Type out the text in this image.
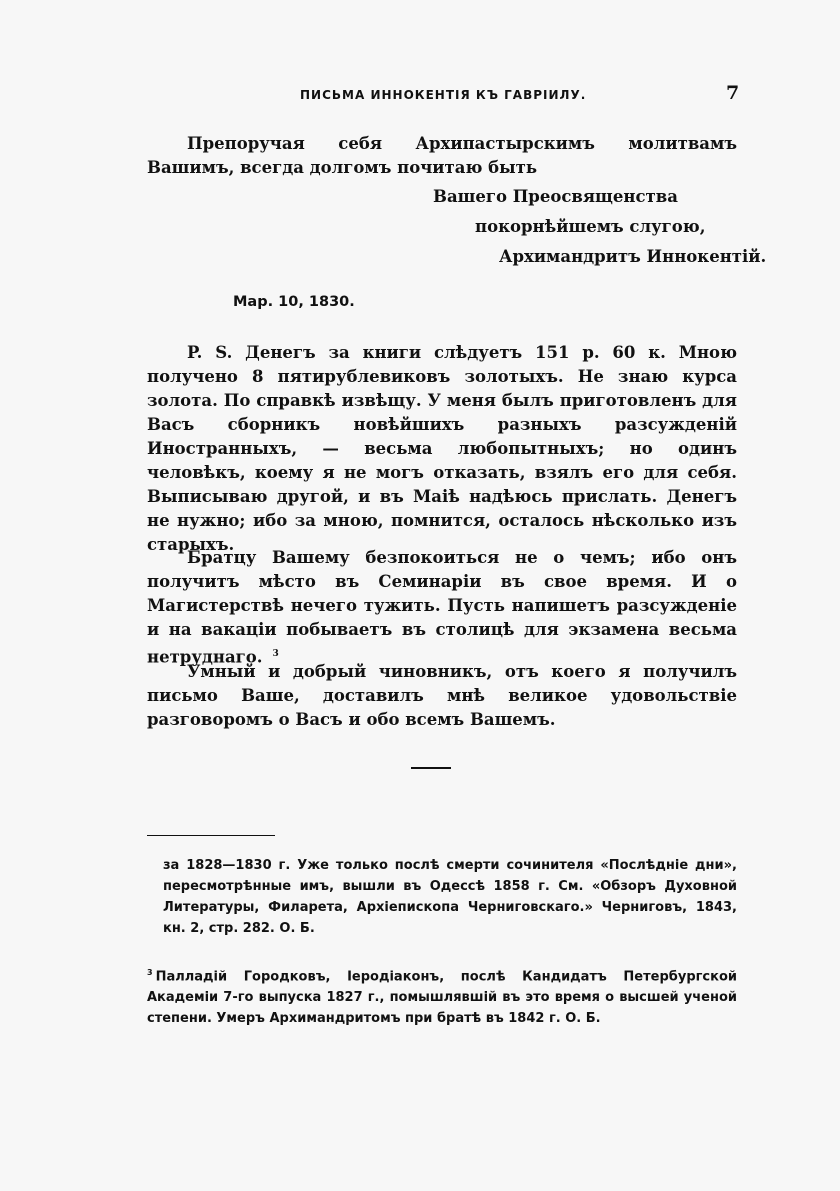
ПИСЬМА ИННОКЕНТІЯ КЪ ГАВРIИЛУ.	7
Препоручая себя Архипастырскимъ молитвамъ Вашимъ, всегда долгомъ почитаю быть
Вашего Преосвященства
покорнѣйшемъ слугою,
Архимандритъ Иннокентій.
Мар. 10, 1830.
P. S. Денегъ за книги слѣдуетъ 151 р. 60 к. Мною получено 8 пятирублевиковъ золотыхъ. Не знаю курса золота. По справкѣ извѣщу. У меня былъ приготовленъ для Васъ сборникъ новѣйшихъ разныхъ разсужденій Иностранныхъ, — весьма любопытныхъ; но одинъ человѣкъ, коему я не могъ отказать, взялъ его для себя. Выписываю другой, и въ Маіѣ надѣюсь прислать. Денегъ не нужно; ибо за мною, помнится, осталось нѣсколько изъ старыхъ.
Братцу Вашему безпокоиться не о чемъ; ибо онъ получитъ мѣсто въ Семинаріи въ свое время. И о Магистерствѣ нечего тужить. Пусть напишетъ разсужденіе и на вакаціи побываетъ въ столицѣ для экзамена весьма нетруднаго. $^3$
Умный и добрый чиновникъ, отъ коего я получилъ письмо Ваше, доставилъ мнѣ великое удовольствіе разговоромъ о Васъ и обо всемъ Вашемъ.
за 1828—1830 г. Уже только послѣ смерти сочинителя «Послѣдніе дни», пересмотрѣнные имъ, вышли въ Одессѣ 1858 г. См. «Обзоръ Духовной Литературы, Филарета, Архіепископа Черниговскаго.» Черниговъ, 1843, кн. 2, стр. 282. О. Б.
$^3$ Палладій Городковъ, Іеродіаконъ, послѣ Кандидатъ Петербургской Академіи 7-го выпуска 1827 г., помышлявшій въ это время о высшей ученой степени. Умеръ Архимандритомъ при братѣ въ 1842 г. О. Б.
